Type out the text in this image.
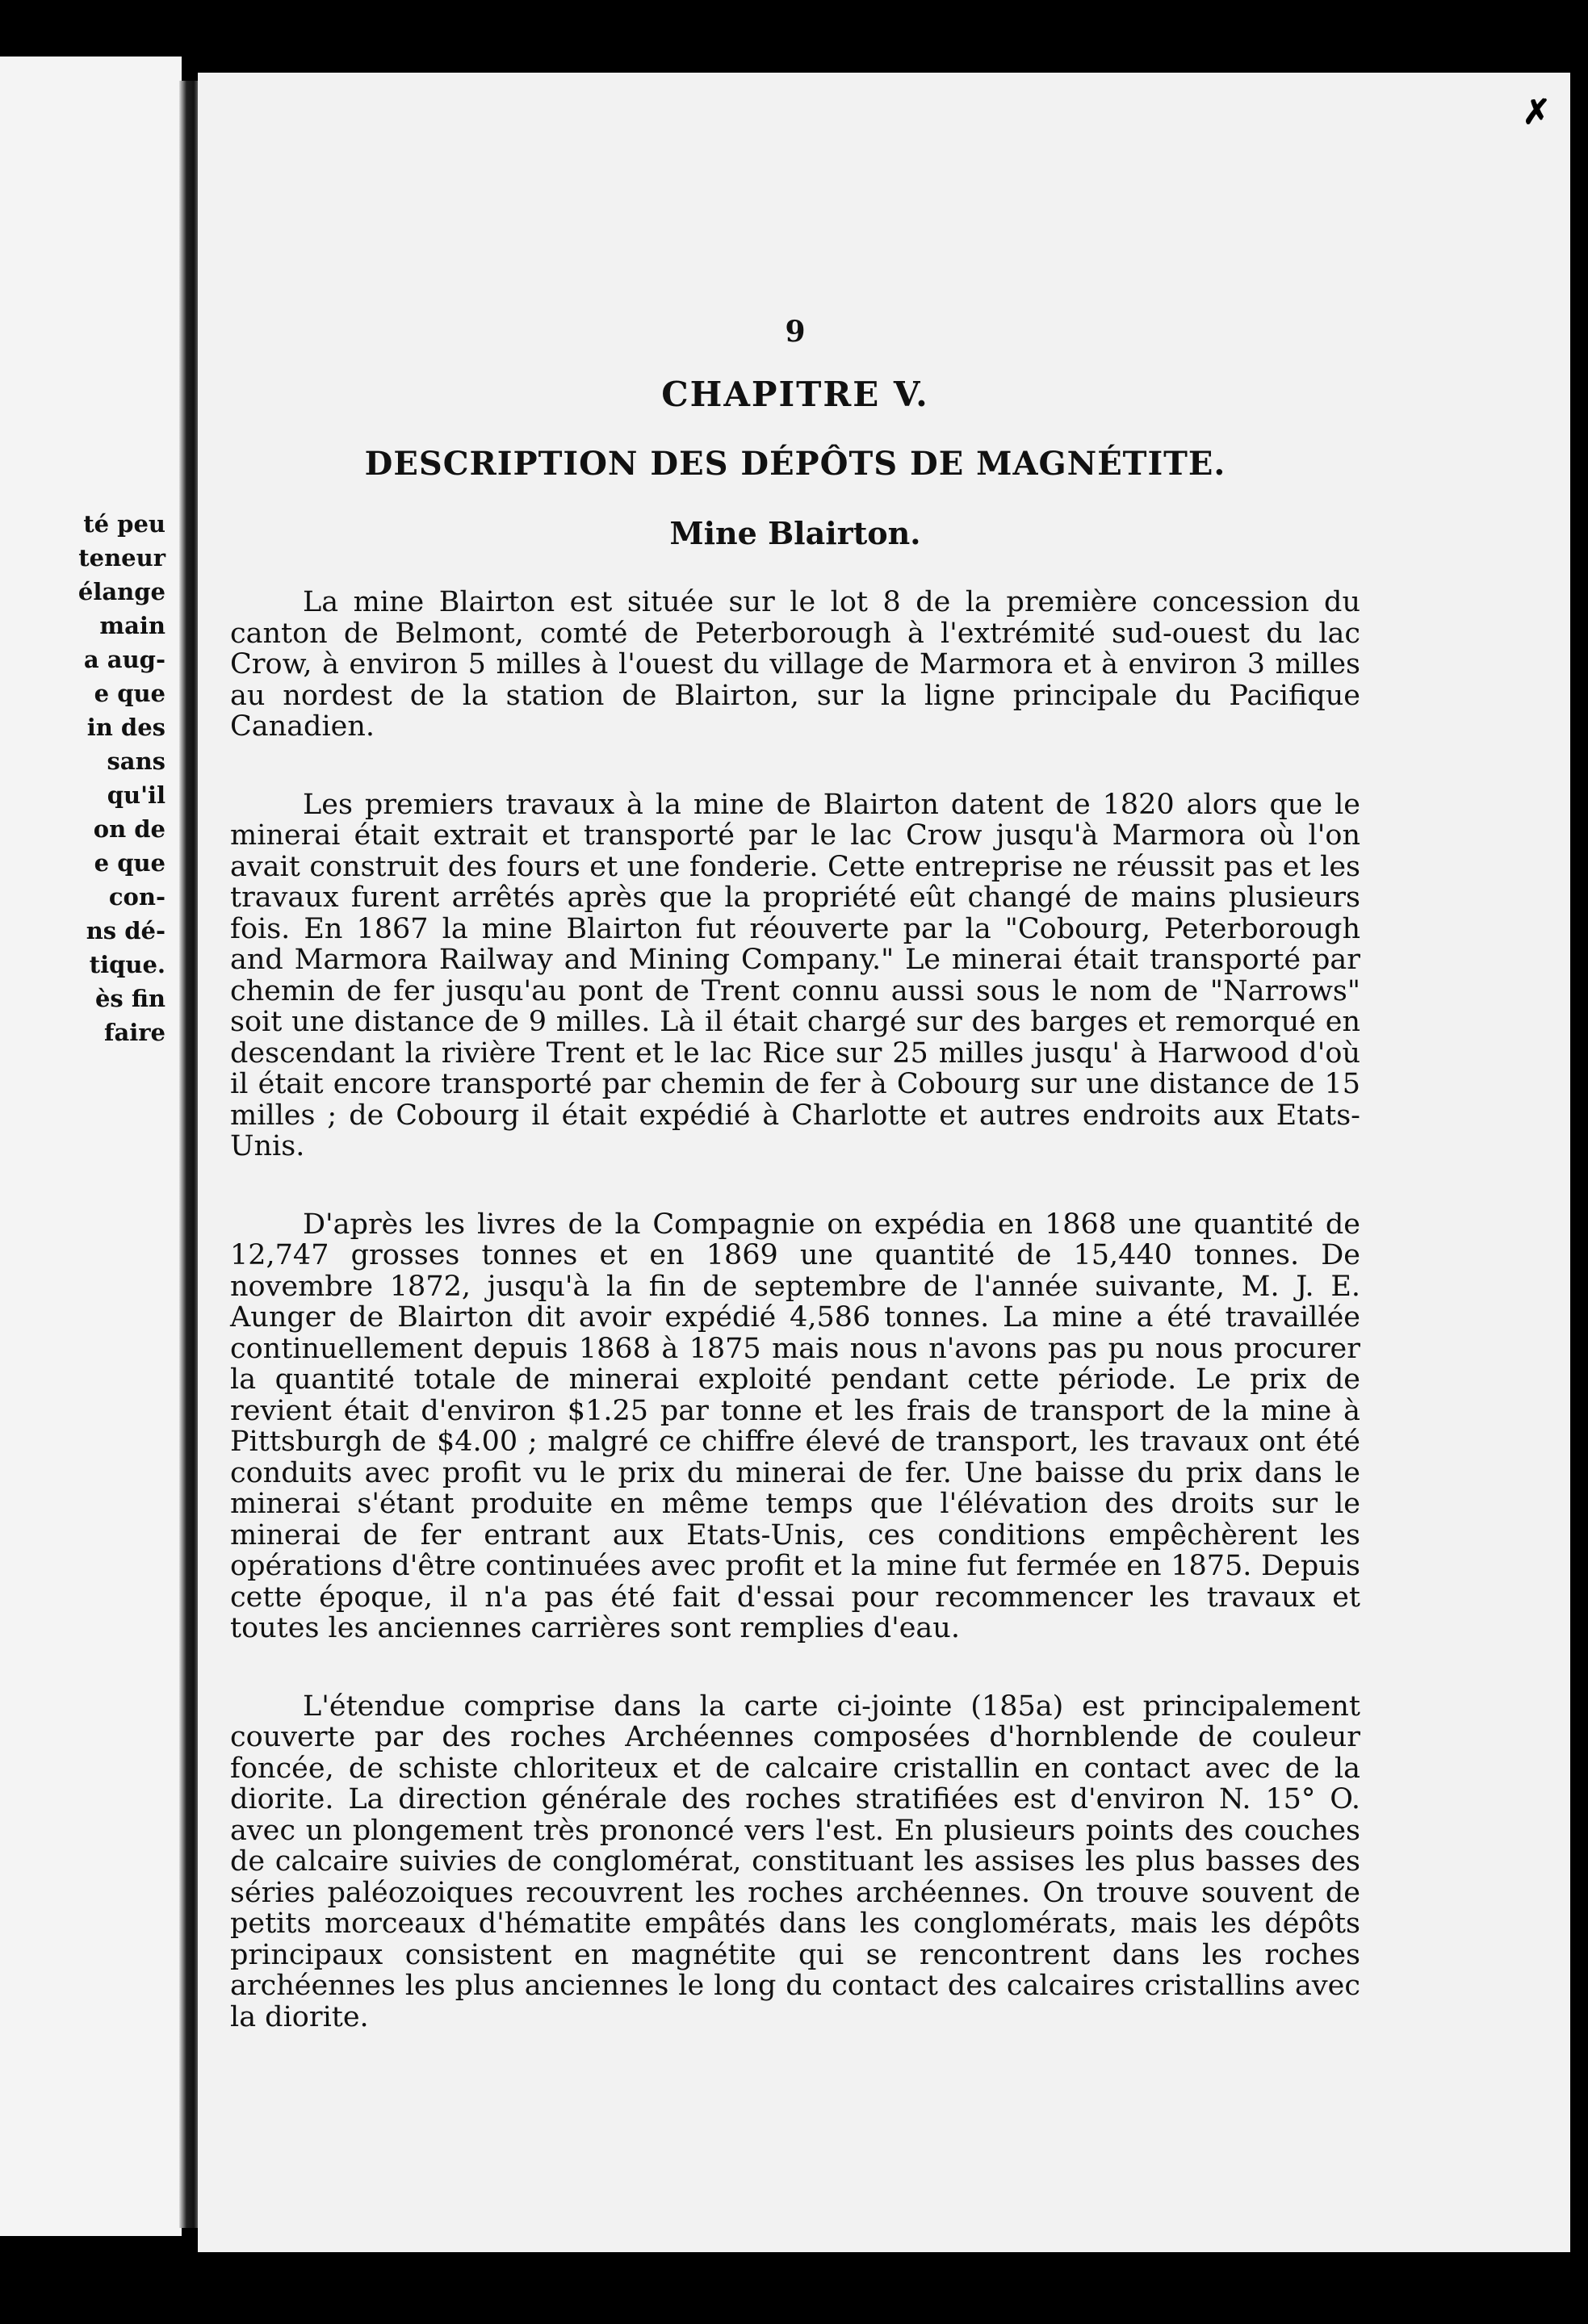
té peu
teneur
élange
main
a aug-
e que
in des
sans
qu'il
on de
e que
con-
ns dé-
tique.
ès fin
faire
✗
9
CHAPITRE V.
DESCRIPTION DES DÉPÔTS DE MAGNÉTITE.
Mine Blairton.

La mine Blairton est située sur le lot 8 de la première concession du canton de Belmont, comté de Peterborough à l'extrémité sud-ouest du lac Crow, à environ 5 milles à l'ouest du village de Marmora et à environ 3 milles au nordest de la station de Blairton, sur la ligne principale du Pacifique Canadien.

Les premiers travaux à la mine de Blairton datent de 1820 alors que le minerai était extrait et transporté par le lac Crow jusqu'à Marmora où l'on avait construit des fours et une fonderie. Cette entreprise ne réussit pas et les travaux furent arrêtés après que la propriété eût changé de mains plusieurs fois. En 1867 la mine Blairton fut réouverte par la "Cobourg, Peterborough and Marmora Railway and Mining Company." Le minerai était transporté par chemin de fer jusqu'au pont de Trent connu aussi sous le nom de "Narrows" soit une distance de 9 milles. Là il était chargé sur des barges et remorqué en descendant la rivière Trent et le lac Rice sur 25 milles jusqu' à Harwood d'où il était encore transporté par chemin de fer à Cobourg sur une distance de 15 milles ; de Cobourg il était expédié à Charlotte et autres endroits aux Etats-Unis.

D'après les livres de la Compagnie on expédia en 1868 une quantité de 12,747 grosses tonnes et en 1869 une quantité de 15,440 tonnes. De novembre 1872, jusqu'à la fin de septembre de l'année suivante, M. J. E. Aunger de Blairton dit avoir expédié 4,586 tonnes. La mine a été travaillée continuellement depuis 1868 à 1875 mais nous n'avons pas pu nous procurer la quantité totale de minerai exploité pendant cette période. Le prix de revient était d'environ $1.25 par tonne et les frais de transport de la mine à Pittsburgh de $4.00 ; malgré ce chiffre élevé de transport, les travaux ont été conduits avec profit vu le prix du minerai de fer. Une baisse du prix dans le minerai s'étant produite en même temps que l'élévation des droits sur le minerai de fer entrant aux Etats-Unis, ces conditions empêchèrent les opérations d'être continuées avec profit et la mine fut fermée en 1875. Depuis cette époque, il n'a pas été fait d'essai pour recommencer les travaux et toutes les anciennes carrières sont remplies d'eau.

L'étendue comprise dans la carte ci-jointe (185a) est principalement couverte par des roches Archéennes composées d'hornblende de couleur foncée, de schiste chloriteux et de calcaire cristallin en contact avec de la diorite. La direction générale des roches stratifiées est d'environ N. 15° O. avec un plongement très prononcé vers l'est. En plusieurs points des couches de calcaire suivies de conglomérat, constituant les assises les plus basses des séries paléozoiques recouvrent les roches archéennes. On trouve souvent de petits morceaux d'hématite empâtés dans les conglomérats, mais les dépôts principaux consistent en magnétite qui se rencontrent dans les roches archéennes les plus anciennes le long du contact des calcaires cristallins avec la diorite.
